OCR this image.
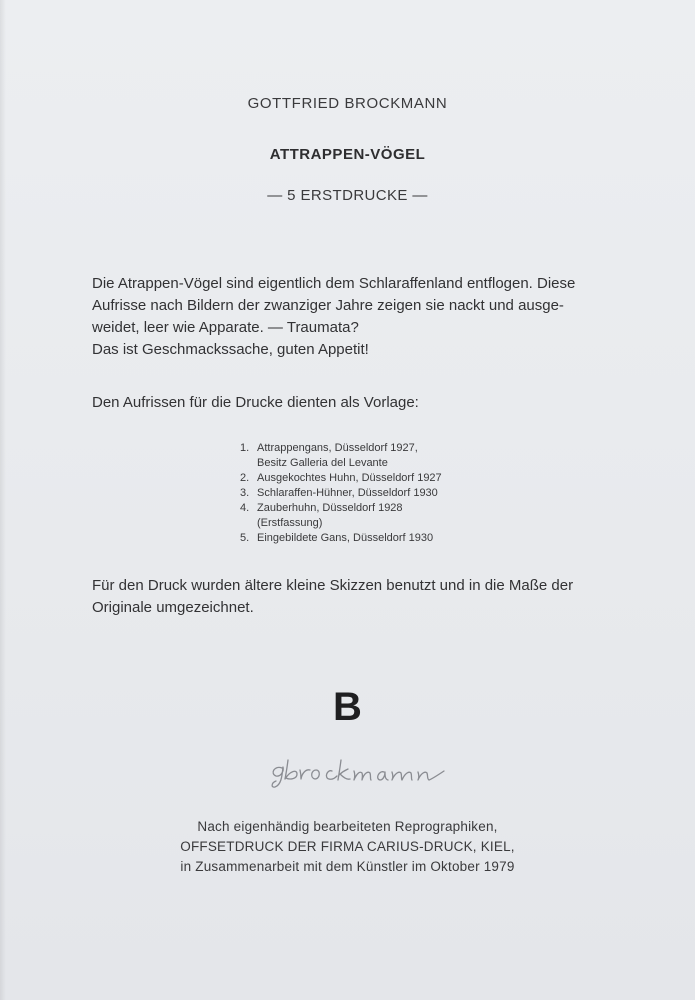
GOTTFRIED BROCKMANN
ATTRAPPEN-VÖGEL
— 5 ERSTDRUCKE —

Die Atrappen-Vögel sind eigentlich dem Schlaraffenland entflogen. Diese

Aufrisse nach Bildern der zwanziger Jahre zeigen sie nackt und ausge-

weidet, leer wie Apparate. — Traumata?

Das ist Geschmackssache, guten Appetit!

Den Aufrissen für die Drucke dienten als Vorlage:

1. Attrappengans, Düsseldorf 1927,
Besitz Galleria del Levante
2. Ausgekochtes Huhn, Düsseldorf 1927
3. Schlaraffen-Hühner, Düsseldorf 1930
4. Zauberhuhn, Düsseldorf 1928
(Erstfassung)
5. Eingebildete Gans, Düsseldorf 1930
Für den Druck wurden ältere kleine Skizzen benutzt und in die Maße der
Originale umgezeichnet.
B
gBrockmann
Nach eigenhändig bearbeiteten Reprographiken,
OFFSETDRUCK DER FIRMA CARIUS-DRUCK, KIEL,
in Zusammenarbeit mit dem Künstler im Oktober 1979
